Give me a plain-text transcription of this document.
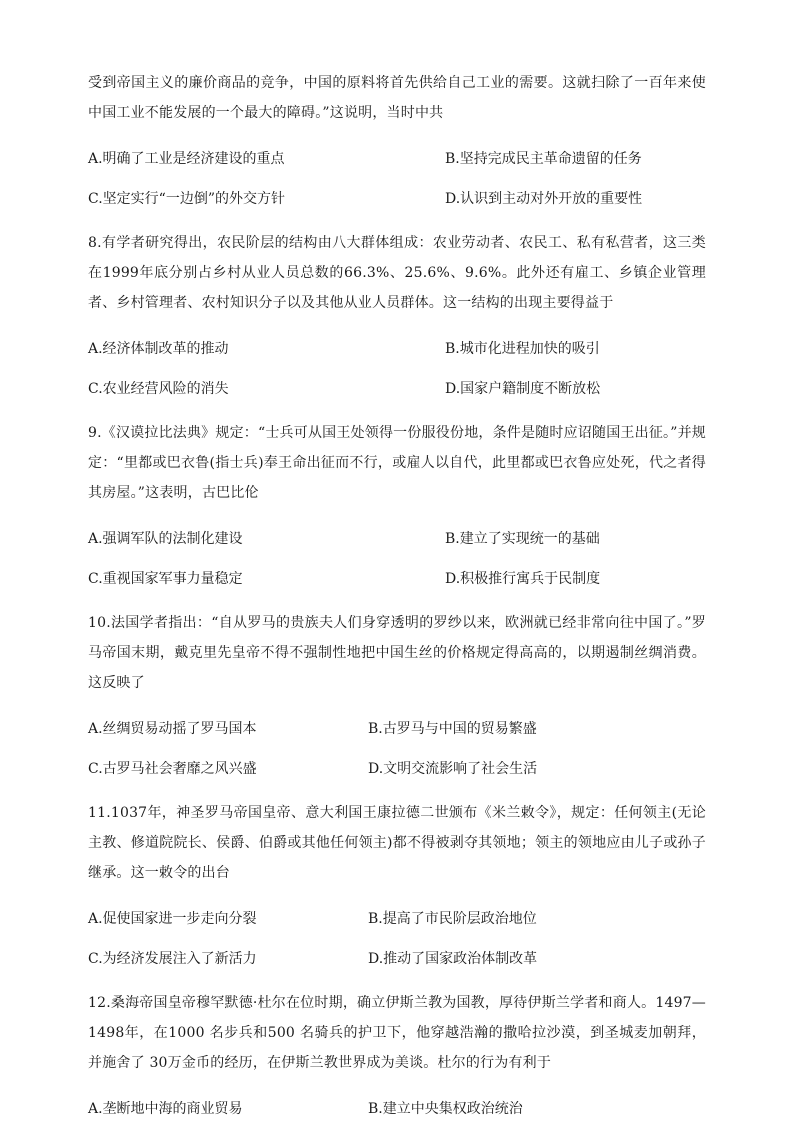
受到帝国主义的廉价商品的竞争，中国的原料将首先供给自己工业的需要。这就扫除了一百年来使中国工业不能发展的一个最大的障碍。”这说明，当时中共

A.明确了工业是经济建设的重点	B.坚持完成民主革命遗留的任务
C.坚定实行“一边倒”的外交方针	D.认识到主动对外开放的重要性

8.有学者研究得出，农民阶层的结构由八大群体组成：农业劳动者、农民工、私有私营者，这三类在1999年底分别占乡村从业人员总数的66.3%、25.6%、9.6%。此外还有雇工、乡镇企业管理者、乡村管理者、农村知识分子以及其他从业人员群体。这一结构的出现主要得益于

A.经济体制改革的推动	B.城市化进程加快的吸引
C.农业经营风险的消失	D.国家户籍制度不断放松

9.《汉谟拉比法典》规定：“士兵可从国王处领得一份服役份地，条件是随时应诏随国王出征。”并规定：“里都或巴衣鲁(指士兵)奉王命出征而不行，或雇人以自代，此里都或巴衣鲁应处死，代之者得其房屋。”这表明，古巴比伦

A.强调军队的法制化建设	B.建立了实现统一的基础
C.重视国家军事力量稳定	D.积极推行寓兵于民制度

10.法国学者指出：“自从罗马的贵族夫人们身穿透明的罗纱以来，欧洲就已经非常向往中国了。”罗马帝国末期，戴克里先皇帝不得不强制性地把中国生丝的价格规定得高高的，以期遏制丝绸消费。这反映了

A.丝绸贸易动摇了罗马国本	B.古罗马与中国的贸易繁盛
C.古罗马社会奢靡之风兴盛	D.文明交流影响了社会生活

11.1037年，神圣罗马帝国皇帝、意大利国王康拉德二世颁布《米兰敕令》，规定：任何领主(无论主教、修道院院长、侯爵、伯爵或其他任何领主)都不得被剥夺其领地；领主的领地应由儿子或孙子继承。这一敕令的出台

A.促使国家进一步走向分裂	B.提高了市民阶层政治地位
C.为经济发展注入了新活力	D.推动了国家政治体制改革

12.桑海帝国皇帝穆罕默德·杜尔在位时期，确立伊斯兰教为国教，厚待伊斯兰学者和商人。1497—1498年，在1000 名步兵和500 名骑兵的护卫下，他穿越浩瀚的撒哈拉沙漠，到圣城麦加朝拜，并施舍了 30万金币的经历，在伊斯兰教世界成为美谈。杜尔的行为有利于

A.垄断地中海的商业贸易	B.建立中央集权政治统治
